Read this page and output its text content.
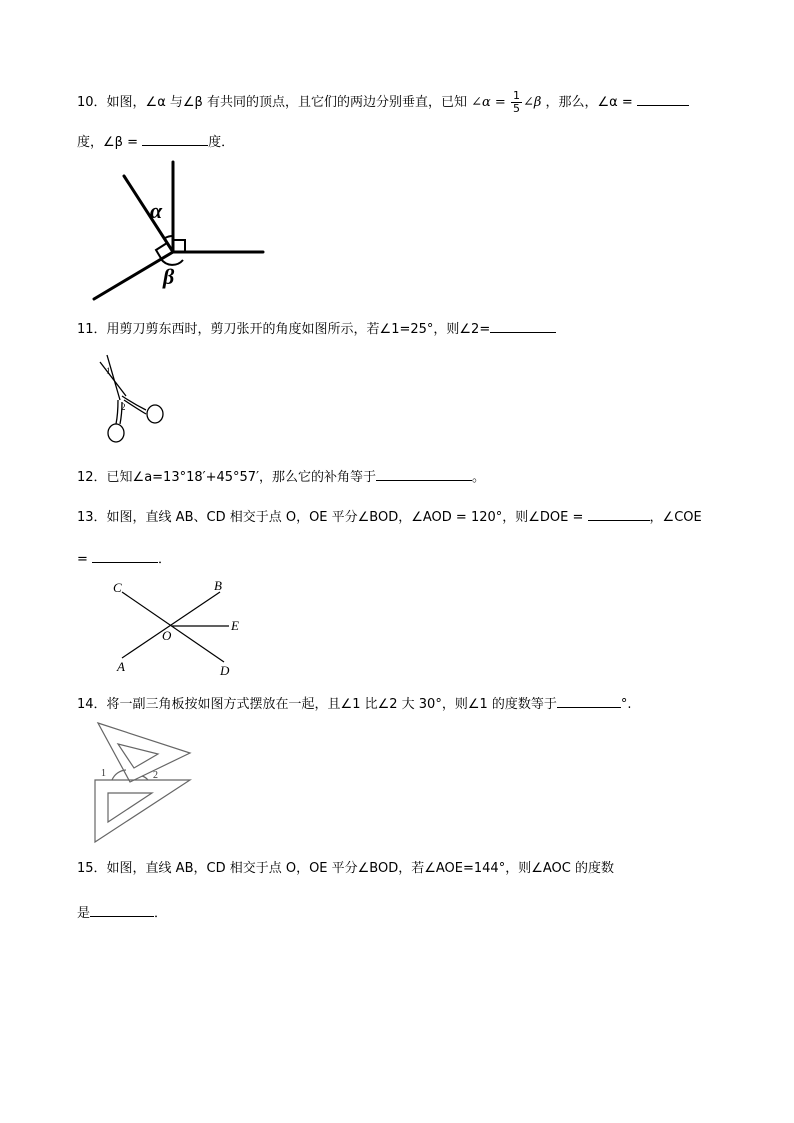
10．如图，∠α 与∠β 有共同的顶点，且它们的两边分别垂直，已知 ∠α = $\frac{1}{5}$ ∠β ，那么，∠α =
度，∠β =	度．
α
β
11．用剪刀剪东西时，剪刀张开的角度如图所示，若∠1=25°，则∠2=
1
2
12．已知∠a=13°18′+45°57′，那么它的补角等于	。
13．如图，直线 AB、CD 相交于点 O，OE 平分∠BOD，∠AOD = 120°，则∠DOE =	，∠COE
=	．
C	B
E
O
A	D
14．将一副三角板按如图方式摆放在一起，且∠1 比∠2 大 30°，则∠1 的度数等于	°.
1	2
15．如图，直线 AB，CD 相交于点 O，OE 平分∠BOD，若∠AOE=144°，则∠AOC 的度数
是	．
